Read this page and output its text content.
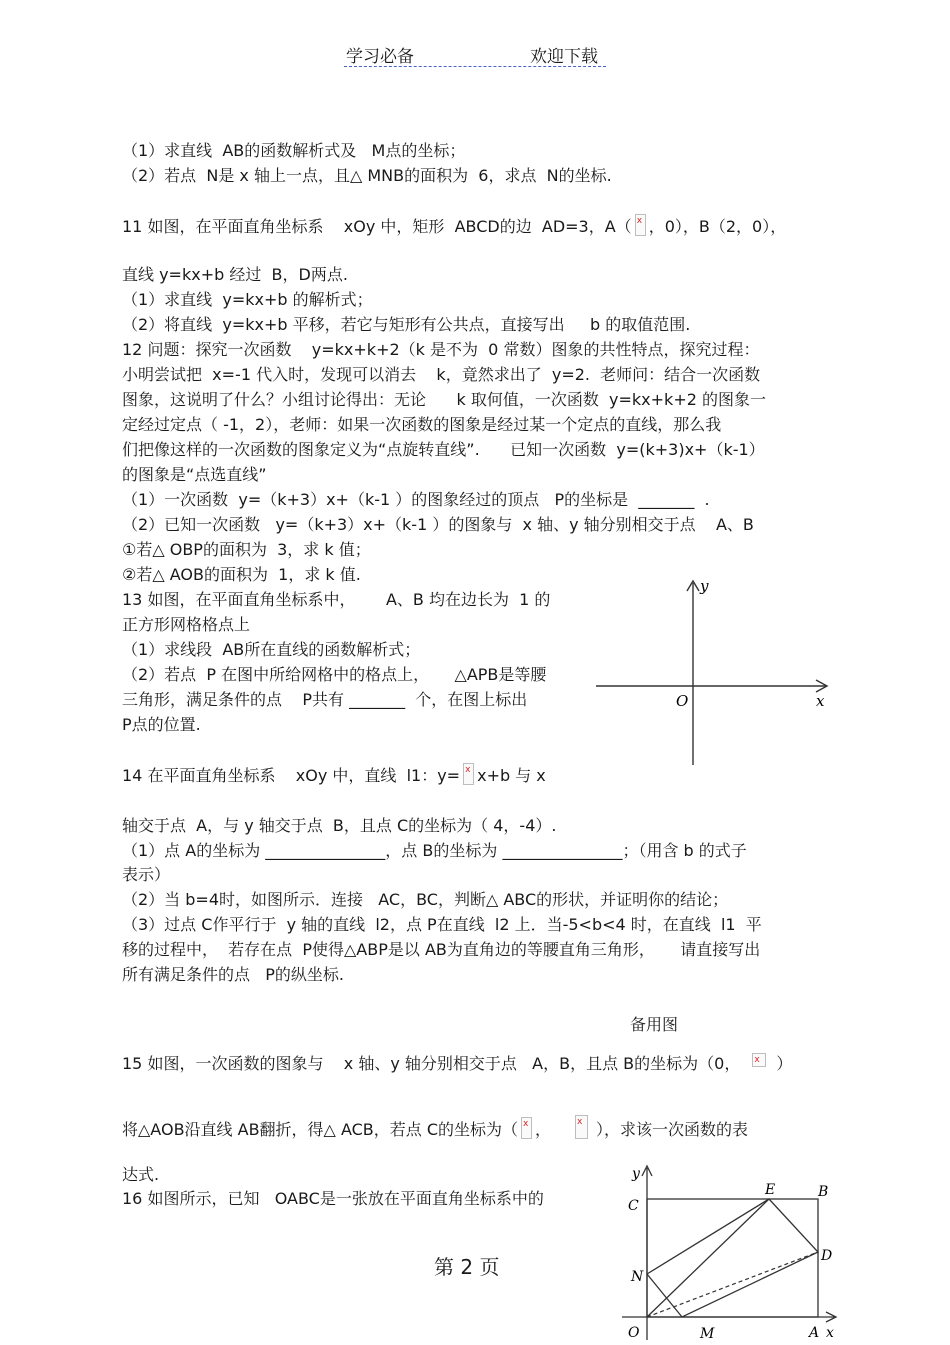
学习必备	欢迎下载
（1）求直线  AB的函数解析式及   M点的坐标；
（2）若点  N是 x 轴上一点，且△ MNB的面积为  6，求点  N的坐标.
11 如图，在平面直角坐标系    xOy 中，矩形  ABCD的边  AD=3，A（ x ，0），B（2，0），
直线 y=kx+b 经过  B，D两点.
（1）求直线  y=kx+b 的解析式；
（2）将直线  y=kx+b 平移，若它与矩形有公共点，直接写出     b 的取值范围.
12 问题：探究一次函数    y=kx+k+2（k 是不为  0 常数）图象的共性特点，探究过程：
小明尝试把  x=-1 代入时，发现可以消去    k，竟然求出了  y=2.  老师问：结合一次函数
图象，这说明了什么？小组讨论得出：无论      k 取何值，一次函数  y=kx+k+2 的图象一
定经过定点（ -1，2），老师：如果一次函数的图象是经过某一个定点的直线，那么我
们把像这样的一次函数的图象定义为“点旋转直线”.      已知一次函数  y=(k+3)x+（k-1）
的图象是“点选直线”
（1）一次函数  y=（k+3）x+（k-1 ）的图象经过的顶点   P的坐标是  _______  .
（2）已知一次函数   y=（k+3）x+（k-1 ）的图象与  x 轴、y 轴分别相交于点    A、B
①若△ OBP的面积为  3，求 k 值；
②若△ AOB的面积为  1，求 k 值.
13 如图，在平面直角坐标系中，      A、B 均在边长为  1 的
正方形网格格点上
（1）求线段  AB所在直线的函数解析式；
（2）若点  P 在图中所给网格中的格点上，     △APB是等腰
三角形，满足条件的点    P共有 _______  个，在图上标出
P点的位置.
14 在平面直角坐标系    xOy 中，直线  l1：y= x x+b 与 x
轴交于点  A，与 y 轴交于点  B，且点 C的坐标为（ 4，-4）.
（1）点 A的坐标为 _______________，点 B的坐标为 _______________；（用含 b 的式子
表示）
（2）当 b=4时，如图所示．连接   AC，BC，判断△ ABC的形状，并证明你的结论；
（3）过点 C作平行于  y 轴的直线  l2，点 P在直线  l2 上．当-5<b<4 时，在直线  l1  平
移的过程中，  若存在点  P使得△ABP是以 AB为直角边的等腰直角三角形，     请直接写出
所有满足条件的点   P的纵坐标.
备用图
15 如图，一次函数的图象与    x 轴、y 轴分别相交于点   A，B，且点 B的坐标为（0， x ）
将△AOB沿直线 AB翻折，得△ ACB，若点 C的坐标为（ x ， x	），求该一次函数的表
达式.
16 如图所示，已知   OABC是一张放在平面直角坐标系中的
y
x
O
y
x
O	A
B
C
D
E
M
N
第 2 页
